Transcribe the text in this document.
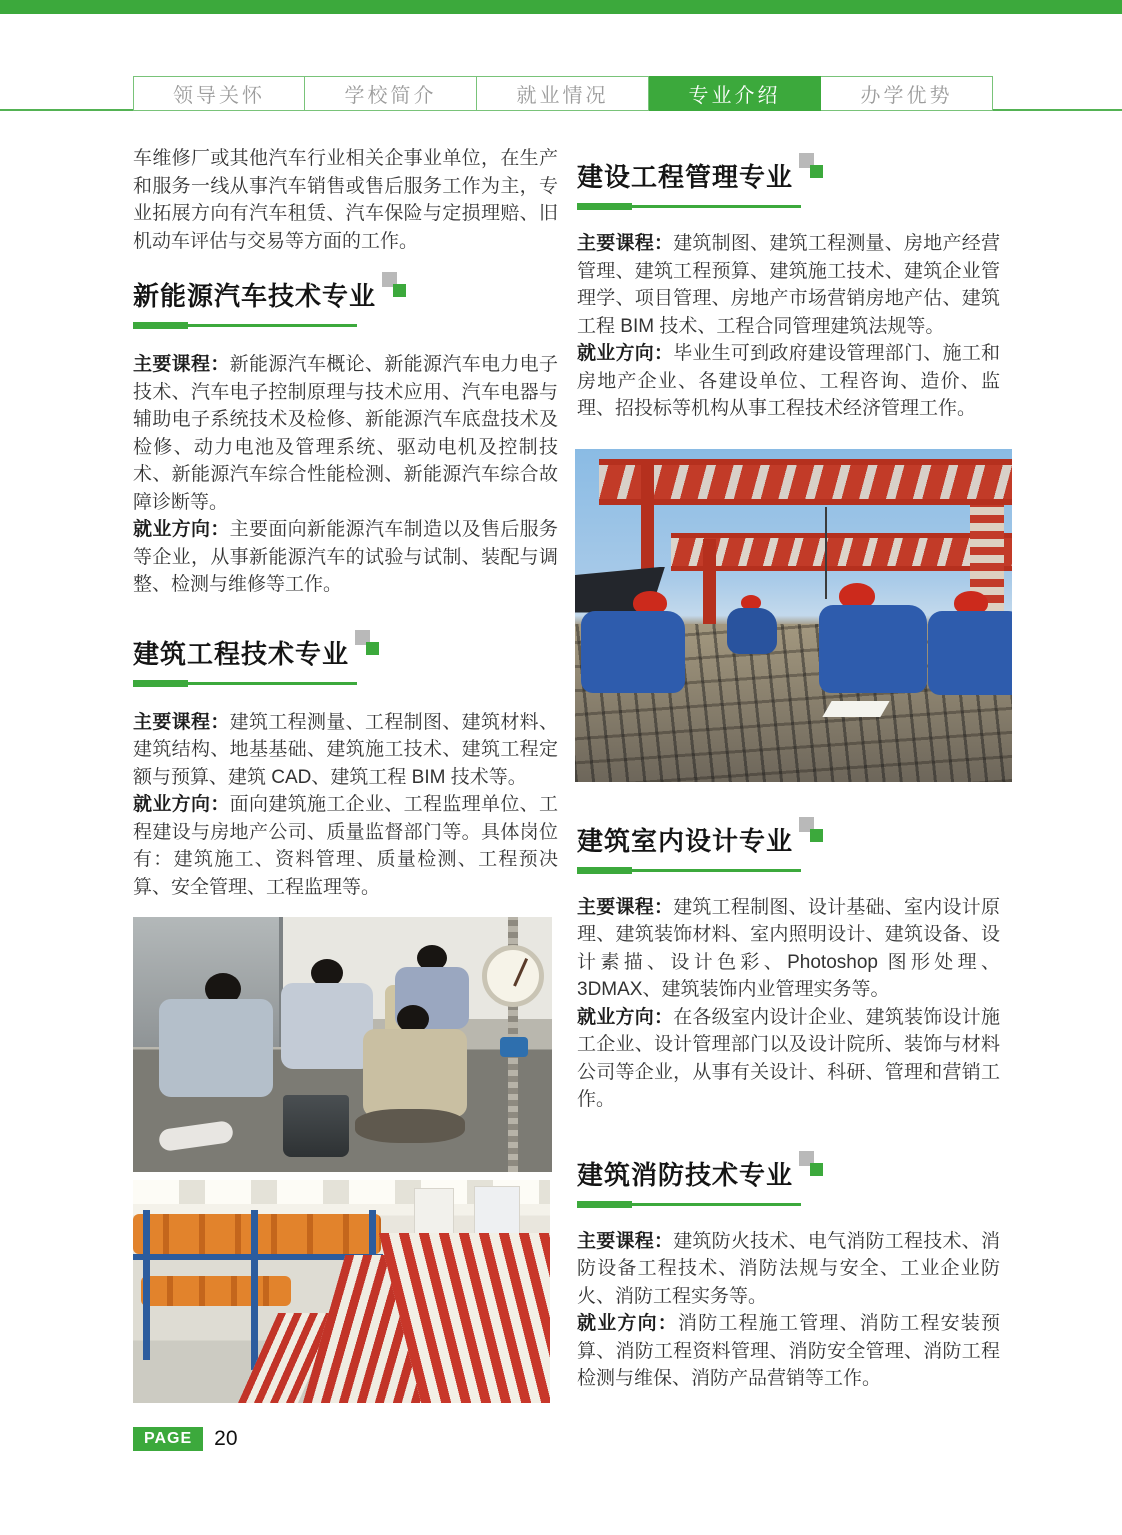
领导关怀	学校简介	就业情况	专业介绍	办学优势

车维修厂或其他汽车行业相关企事业单位，在生产和服务一线从事汽车销售或售后服务工作为主，专业拓展方向有汽车租赁、汽车保险与定损理赔、旧机动车评估与交易等方面的工作。

新能源汽车技术专业

主要课程：新能源汽车概论、新能源汽车电力电子技术、汽车电子控制原理与技术应用、汽车电器与辅助电子系统技术及检修、新能源汽车底盘技术及检修、动力电池及管理系统、驱动电机及控制技术、新能源汽车综合性能检测、新能源汽车综合故障诊断等。

就业方向：主要面向新能源汽车制造以及售后服务等企业，从事新能源汽车的试验与试制、装配与调整、检测与维修等工作。

建筑工程技术专业

主要课程：建筑工程测量、工程制图、建筑材料、建筑结构、地基基础、建筑施工技术、建筑工程定额与预算、建筑 CAD、建筑工程 BIM 技术等。

就业方向：面向建筑施工企业、工程监理单位、工程建设与房地产公司、质量监督部门等。具体岗位有：建筑施工、资料管理、质量检测、工程预决算、安全管理、工程监理等。

建设工程管理专业

主要课程：建筑制图、建筑工程测量、房地产经营管理、建筑工程预算、建筑施工技术、建筑企业管理学、项目管理、房地产市场营销房地产估、建筑工程 BIM 技术、工程合同管理建筑法规等。

就业方向：毕业生可到政府建设管理部门、施工和房地产企业、各建设单位、工程咨询、造价、监理、招投标等机构从事工程技术经济管理工作。

建筑室内设计专业

主要课程：建筑工程制图、设计基础、室内设计原理、建筑装饰材料、室内照明设计、建筑设备、设计素描、设计色彩、Photoshop 图形处理、3DMAX、建筑装饰内业管理实务等。

就业方向：在各级室内设计企业、建筑装饰设计施工企业、设计管理部门以及设计院所、装饰与材料公司等企业，从事有关设计、科研、管理和营销工作。

建筑消防技术专业

主要课程：建筑防火技术、电气消防工程技术、消防设备工程技术、消防法规与安全、工业企业防火、消防工程实务等。

就业方向：消防工程施工管理、消防工程安装预算、消防工程资料管理、消防安全管理、消防工程检测与维保、消防产品营销等工作。

PAGE	20
